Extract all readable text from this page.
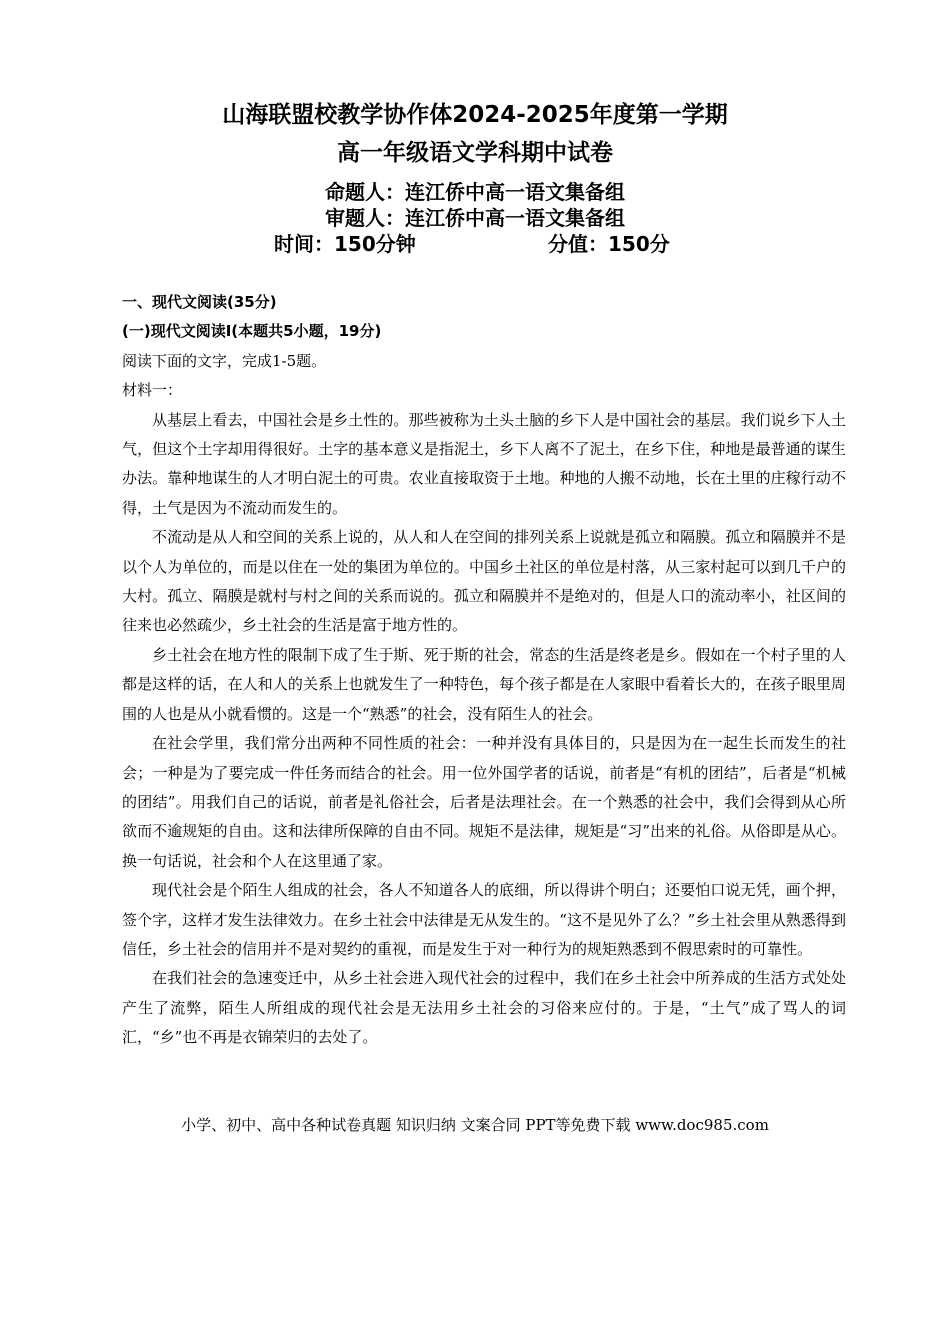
山海联盟校教学协作体2024-2025年度第一学期
高一年级语文学科期中试卷
命题人：连江侨中高一语文集备组
审题人：连江侨中高一语文集备组
时间：150分钟	分值：150分

一、现代文阅读(35分)

(一)现代文阅读Ⅰ(本题共5小题，19分)

阅读下面的文字，完成1-5题。

材料一：

从基层上看去，中国社会是乡土性的。那些被称为土头土脑的乡下人是中国社会的基层。我们说乡下人土气，但这个土字却用得很好。土字的基本意义是指泥土，乡下人离不了泥土，在乡下住，种地是最普通的谋生办法。靠种地谋生的人才明白泥土的可贵。农业直接取资于土地。种地的人搬不动地，长在土里的庄稼行动不得，土气是因为不流动而发生的。

不流动是从人和空间的关系上说的，从人和人在空间的排列关系上说就是孤立和隔膜。孤立和隔膜并不是以个人为单位的，而是以住在一处的集团为单位的。中国乡土社区的单位是村落，从三家村起可以到几千户的大村。孤立、隔膜是就村与村之间的关系而说的。孤立和隔膜并不是绝对的，但是人口的流动率小，社区间的往来也必然疏少，乡土社会的生活是富于地方性的。

乡土社会在地方性的限制下成了生于斯、死于斯的社会，常态的生活是终老是乡。假如在一个村子里的人都是这样的话，在人和人的关系上也就发生了一种特色，每个孩子都是在人家眼中看着长大的，在孩子眼里周围的人也是从小就看惯的。这是一个“熟悉”的社会，没有陌生人的社会。

在社会学里，我们常分出两种不同性质的社会：一种并没有具体目的，只是因为在一起生长而发生的社会；一种是为了要完成一件任务而结合的社会。用一位外国学者的话说，前者是“有机的团结”，后者是“机械的团结”。用我们自己的话说，前者是礼俗社会，后者是法理社会。在一个熟悉的社会中，我们会得到从心所欲而不逾规矩的自由。这和法律所保障的自由不同。规矩不是法律，规矩是“习”出来的礼俗。从俗即是从心。换一句话说，社会和个人在这里通了家。

现代社会是个陌生人组成的社会，各人不知道各人的底细，所以得讲个明白；还要怕口说无凭，画个押，签个字，这样才发生法律效力。在乡土社会中法律是无从发生的。“这不是见外了么？”乡土社会里从熟悉得到信任，乡土社会的信用并不是对契约的重视，而是发生于对一种行为的规矩熟悉到不假思索时的可靠性。

在我们社会的急速变迁中，从乡土社会进入现代社会的过程中，我们在乡土社会中所养成的生活方式处处产生了流弊，陌生人所组成的现代社会是无法用乡土社会的习俗来应付的。于是，“土气”成了骂人的词汇，“乡”也不再是衣锦荣归的去处了。

小学、初中、高中各种试卷真题 知识归纳 文案合同 PPT等免费下载 www.doc985.com
